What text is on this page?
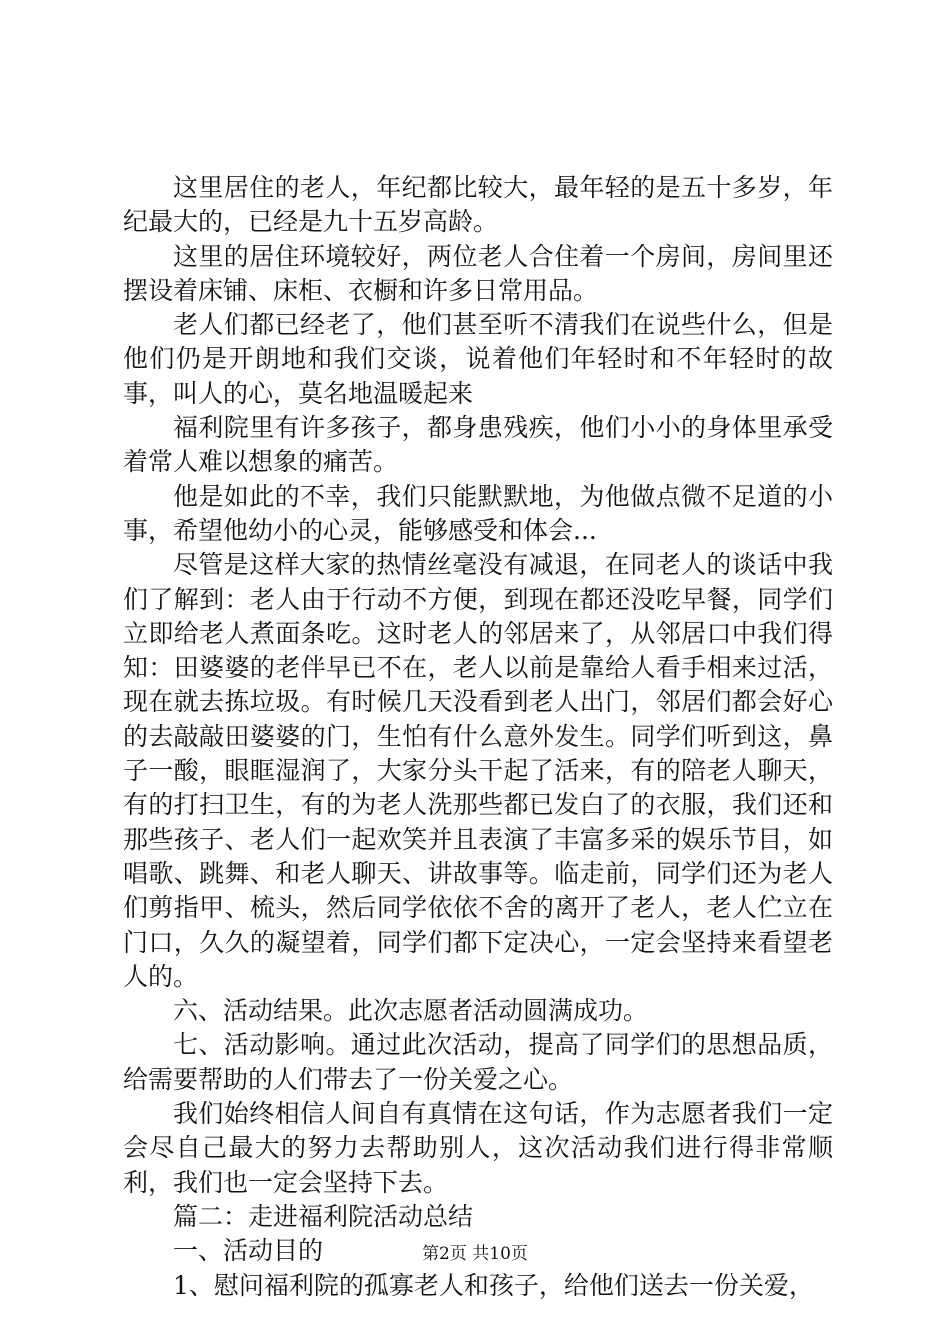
这里居住的老人，年纪都比较大，最年轻的是五十多岁，年纪最大的，已经是九十五岁高龄。

这里的居住环境较好，两位老人合住着一个房间，房间里还摆设着床铺、床柜、衣橱和许多日常用品。

老人们都已经老了，他们甚至听不清我们在说些什么，但是他们仍是开朗地和我们交谈，说着他们年轻时和不年轻时的故事，叫人的心，莫名地温暖起来

福利院里有许多孩子，都身患残疾，他们小小的身体里承受着常人难以想象的痛苦。

他是如此的不幸，我们只能默默地，为他做点微不足道的小事，希望他幼小的心灵，能够感受和体会...

尽管是这样大家的热情丝毫没有减退，在同老人的谈话中我们了解到：老人由于行动不方便，到现在都还没吃早餐，同学们立即给老人煮面条吃。这时老人的邻居来了，从邻居口中我们得知：田婆婆的老伴早已不在，老人以前是靠给人看手相来过活，现在就去拣垃圾。有时候几天没看到老人出门，邻居们都会好心的去敲敲田婆婆的门，生怕有什么意外发生。同学们听到这，鼻子一酸，眼眶湿润了，大家分头干起了活来，有的陪老人聊天，有的打扫卫生，有的为老人洗那些都已发白了的衣服，我们还和那些孩子、老人们一起欢笑并且表演了丰富多采的娱乐节目，如唱歌、跳舞、和老人聊天、讲故事等。临走前，同学们还为老人们剪指甲、梳头，然后同学依依不舍的离开了老人，老人伫立在门口，久久的凝望着，同学们都下定决心，一定会坚持来看望老人的。

六、活动结果。此次志愿者活动圆满成功。

七、活动影响。通过此次活动，提高了同学们的思想品质，给需要帮助的人们带去了一份关爱之心。

我们始终相信人间自有真情在这句话，作为志愿者我们一定会尽自己最大的努力去帮助别人，这次活动我们进行得非常顺利，我们也一定会坚持下去。

篇二：走进福利院活动总结

一、活动目的

1、慰问福利院的孤寡老人和孩子，给他们送去一份关爱，

第2页 共10页
